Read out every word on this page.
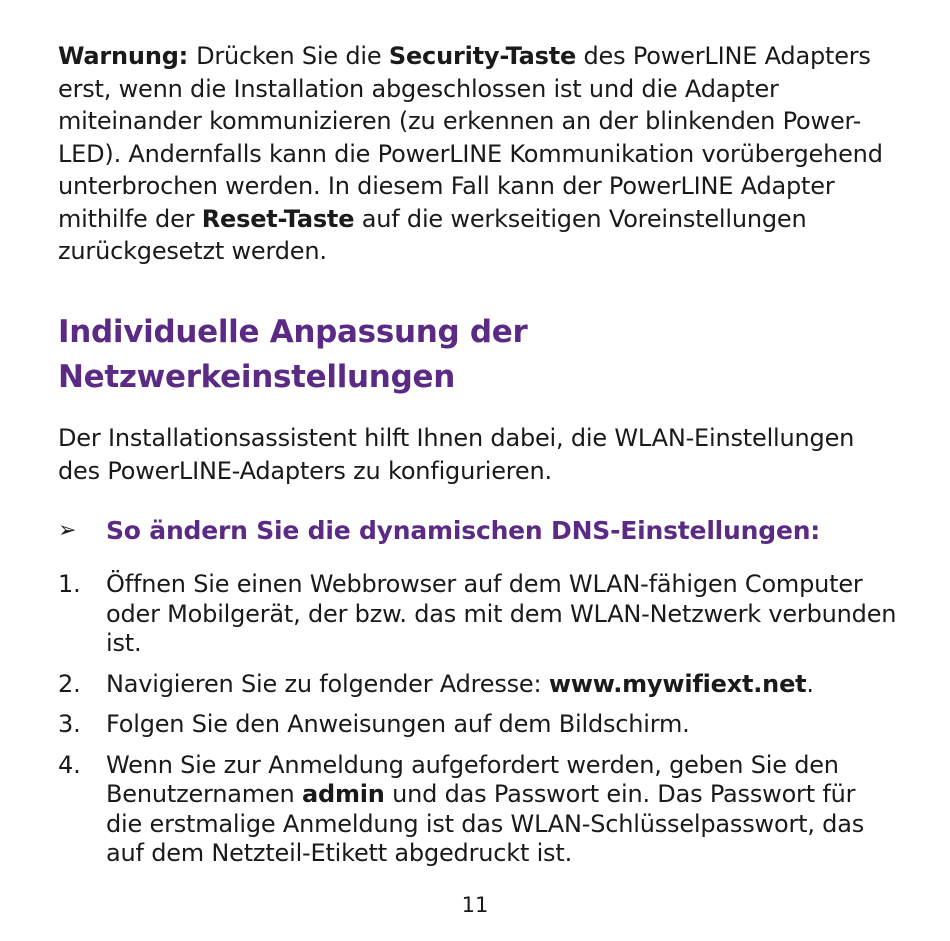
Warnung: Drücken Sie die Security-Taste des PowerLINE Adapters erst, wenn die Installation abgeschlossen ist und die Adapter miteinander kommunizieren (zu erkennen an der blinkenden Power-LED). Andernfalls kann die PowerLINE Kommunikation vorübergehend unterbrochen werden. In diesem Fall kann der PowerLINE Adapter mithilfe der Reset-Taste auf die werkseitigen Voreinstellungen zurückgesetzt werden.

Individuelle Anpassung der
Netzwerkeinstellungen

Der Installationsassistent hilft Ihnen dabei, die WLAN-Einstellungen des PowerLINE-Adapters zu konfigurieren.

➢	So ändern Sie die dynamischen DNS-Einstellungen:
1.	Öffnen Sie einen Webbrowser auf dem WLAN-fähigen Computer oder Mobilgerät, der bzw. das mit dem WLAN-Netzwerk verbunden ist.
2.	Navigieren Sie zu folgender Adresse: www.mywifiext.net.
3.	Folgen Sie den Anweisungen auf dem Bildschirm.
4.	Wenn Sie zur Anmeldung aufgefordert werden, geben Sie den Benutzernamen admin und das Passwort ein. Das Passwort für die erstmalige Anmeldung ist das WLAN-Schlüsselpasswort, das auf dem Netzteil-Etikett abgedruckt ist.
11
